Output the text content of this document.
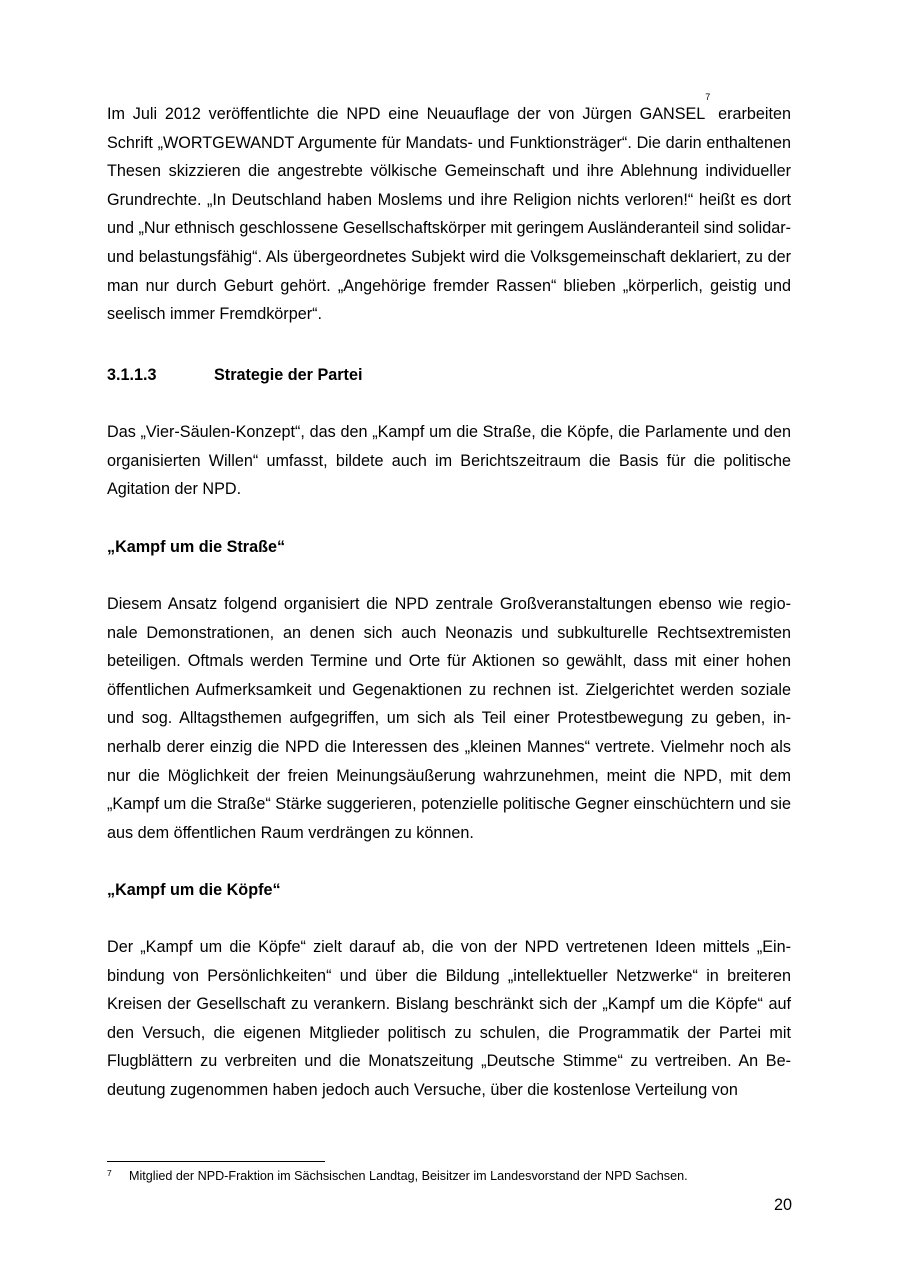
Im Juli 2012 veröffentlichte die NPD eine Neuauflage der von Jürgen GANSEL$^7$ erarbeiten Schrift „WORTGEWANDT Argumente für Mandats- und Funktionsträger“. Die darin enthaltenen Thesen skizzieren die angestrebte völkische Gemeinschaft und ihre Ablehnung individueller Grundrechte. „In Deutschland haben Moslems und ihre Religion nichts verloren!“ heißt es dort und „Nur ethnisch geschlossene Gesellschaftskörper mit geringem Ausländeranteil sind solidar- und belastungsfähig“. Als übergeordnetes Subjekt wird die Volksgemeinschaft deklariert, zu der man nur durch Geburt gehört. „Angehörige fremder Rassen“ blieben „körperlich, geistig und seelisch immer Fremdkörper“.

3.1.1.3	Strategie der Partei

Das „Vier-Säulen-Konzept“, das den „Kampf um die Straße, die Köpfe, die Parlamente und den organisierten Willen“ umfasst, bildete auch im Berichtszeitraum die Basis für die politische Agitation der NPD.

„Kampf um die Straße“

Diesem Ansatz folgend organisiert die NPD zentrale Großveranstaltungen ebenso wie regionale Demonstrationen, an denen sich auch Neonazis und subkulturelle Rechtsextremisten beteiligen. Oftmals werden Termine und Orte für Aktionen so gewählt, dass mit einer hohen öffentlichen Aufmerksamkeit und Gegenaktionen zu rechnen ist. Zielgerichtet werden soziale und sog. Alltagsthemen aufgegriffen, um sich als Teil einer Protestbewegung zu geben, innerhalb derer einzig die NPD die Interessen des „kleinen Mannes“ vertrete. Vielmehr noch als nur die Möglichkeit der freien Meinungsäußerung wahrzunehmen, meint die NPD, mit dem „Kampf um die Straße“ Stärke suggerieren, potenzielle politische Gegner einschüchtern und sie aus dem öffentlichen Raum verdrängen zu können.

„Kampf um die Köpfe“

Der „Kampf um die Köpfe“ zielt darauf ab, die von der NPD vertretenen Ideen mittels „Einbindung von Persönlichkeiten“ und über die Bildung „intellektueller Netzwerke“ in breiteren Kreisen der Gesellschaft zu verankern. Bislang beschränkt sich der „Kampf um die Köpfe“ auf den Versuch, die eigenen Mitglieder politisch zu schulen, die Programmatik der Partei mit Flugblättern zu verbreiten und die Monatszeitung „Deutsche Stimme“ zu vertreiben. An Bedeutung zugenommen haben jedoch auch Versuche, über die kostenlose Verteilung von

7 Mitglied der NPD-Fraktion im Sächsischen Landtag, Beisitzer im Landesvorstand der NPD Sachsen.

20
